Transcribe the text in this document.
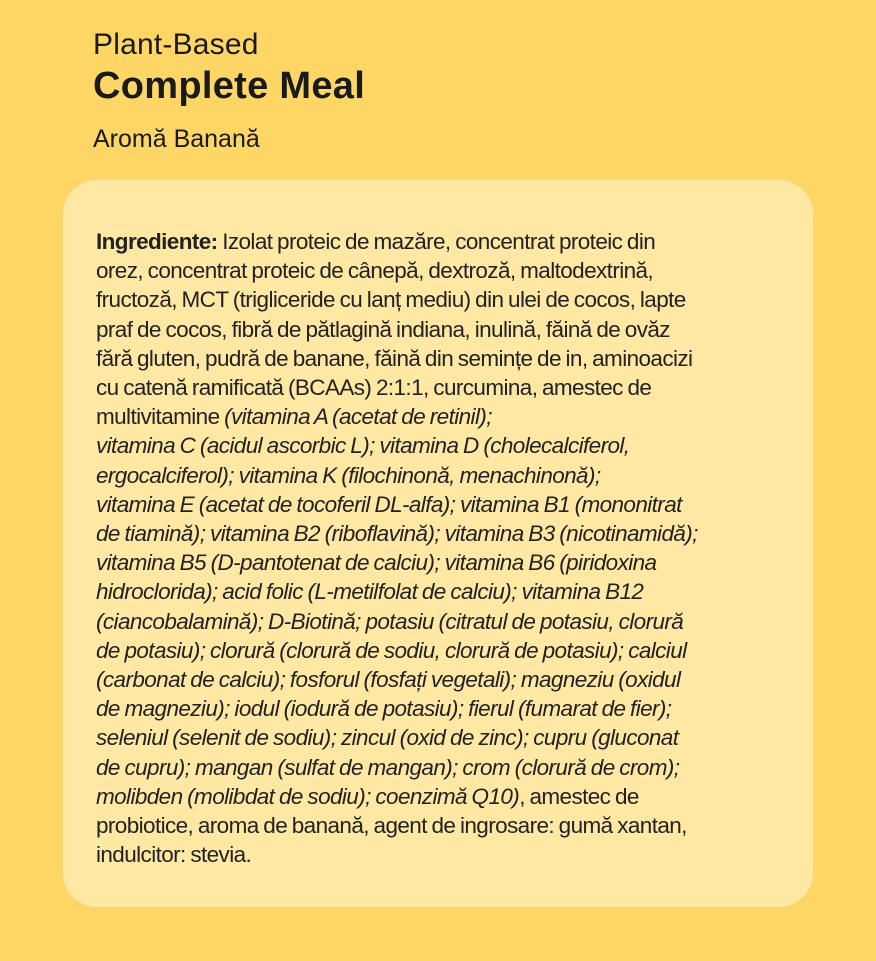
Plant-Based
Complete Meal
Aromă Banană
Ingrediente: Izolat proteic de mazăre, concentrat proteic din
orez, concentrat proteic de cânepă, dextroză, maltodextrină,
fructoză, MCT (trigliceride cu lanț mediu) din ulei de cocos, lapte
praf de cocos, fibră de pătlagină indiana, inulină, făină de ovăz
fără gluten, pudră de banane, făină din semințe de in, aminoacizi
cu catenă ramificată (BCAAs) 2:1:1, curcumina, amestec de
multivitamine (vitamina A (acetat de retinil);
vitamina C (acidul ascorbic L); vitamina D (cholecalciferol,
ergocalciferol); vitamina K (filochinonă, menachinonă);
vitamina E (acetat de tocoferil DL-alfa); vitamina B1 (mononitrat
de tiamină); vitamina B2 (riboflavină); vitamina B3 (nicotinamidă);
vitamina B5 (D-pantotenat de calciu); vitamina B6 (piridoxina
hidroclorida); acid folic (L-metilfolat de calciu); vitamina B12
(ciancobalamină); D-Biotină; potasiu (citratul de potasiu, clorură
de potasiu); clorură (clorură de sodiu, clorură de potasiu); calciul
(carbonat de calciu); fosforul (fosfați vegetali); magneziu (oxidul
de magneziu); iodul (iodură de potasiu); fierul (fumarat de fier);
seleniul (selenit de sodiu); zincul (oxid de zinc); cupru (gluconat
de cupru); mangan (sulfat de mangan); crom (clorură de crom);
molibden (molibdat de sodiu); coenzimă Q10), amestec de
probiotice, aroma de banană, agent de ingrosare: gumă xantan,
indulcitor: stevia.
